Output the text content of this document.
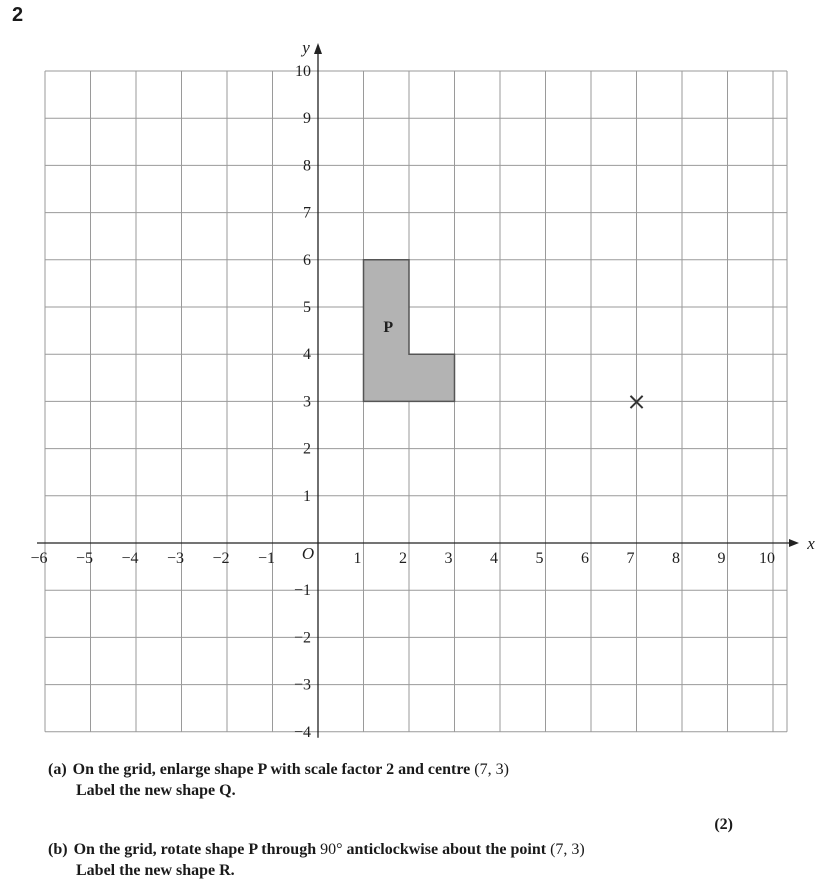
2
P
×
−6 −5 −4 −3 −2 −1	1 2 3 4 5 6 7 8 9 10
10
9
8
7
6
5
4
3
2
1
−1
−2
−3
−4
O
x
y
(a) On the grid, enlarge shape P with scale factor 2 and centre (7, 3)
Label the new shape Q.
(2)
(b) On the grid, rotate shape P through 90° anticlockwise about the point (7, 3)
Label the new shape R.
